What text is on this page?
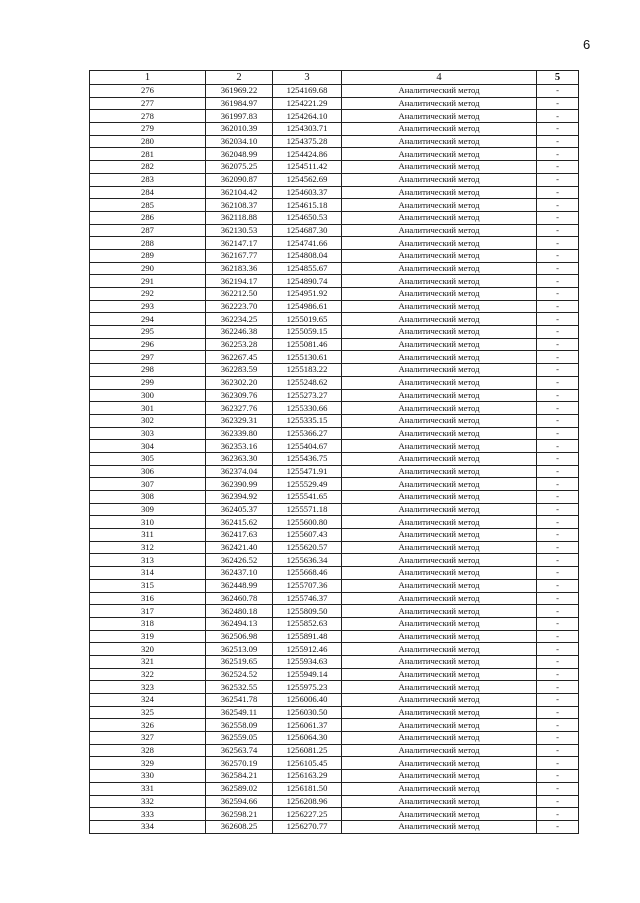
6
1	2	3	4	5
276	361969.22	1254169.68	Аналитический метод	-
277	361984.97	1254221.29	Аналитический метод	-
278	361997.83	1254264.10	Аналитический метод	-
279	362010.39	1254303.71	Аналитический метод	-
280	362034.10	1254375.28	Аналитический метод	-
281	362048.99	1254424.86	Аналитический метод	-
282	362075.25	1254511.42	Аналитический метод	-
283	362090.87	1254562.69	Аналитический метод	-
284	362104.42	1254603.37	Аналитический метод	-
285	362108.37	1254615.18	Аналитический метод	-
286	362118.88	1254650.53	Аналитический метод	-
287	362130.53	1254687.30	Аналитический метод	-
288	362147.17	1254741.66	Аналитический метод	-
289	362167.77	1254808.04	Аналитический метод	-
290	362183.36	1254855.67	Аналитический метод	-
291	362194.17	1254890.74	Аналитический метод	-
292	362212.50	1254951.92	Аналитический метод	-
293	362223.70	1254986.61	Аналитический метод	-
294	362234.25	1255019.65	Аналитический метод	-
295	362246.38	1255059.15	Аналитический метод	-
296	362253.28	1255081.46	Аналитический метод	-
297	362267.45	1255130.61	Аналитический метод	-
298	362283.59	1255183.22	Аналитический метод	-
299	362302.20	1255248.62	Аналитический метод	-
300	362309.76	1255273.27	Аналитический метод	-
301	362327.76	1255330.66	Аналитический метод	-
302	362329.31	1255335.15	Аналитический метод	-
303	362339.80	1255366.27	Аналитический метод	-
304	362353.16	1255404.67	Аналитический метод	-
305	362363.30	1255436.75	Аналитический метод	-
306	362374.04	1255471.91	Аналитический метод	-
307	362390.99	1255529.49	Аналитический метод	-
308	362394.92	1255541.65	Аналитический метод	-
309	362405.37	1255571.18	Аналитический метод	-
310	362415.62	1255600.80	Аналитический метод	-
311	362417.63	1255607.43	Аналитический метод	-
312	362421.40	1255620.57	Аналитический метод	-
313	362426.52	1255636.34	Аналитический метод	-
314	362437.10	1255668.46	Аналитический метод	-
315	362448.99	1255707.36	Аналитический метод	-
316	362460.78	1255746.37	Аналитический метод	-
317	362480.18	1255809.50	Аналитический метод	-
318	362494.13	1255852.63	Аналитический метод	-
319	362506.98	1255891.48	Аналитический метод	-
320	362513.09	1255912.46	Аналитический метод	-
321	362519.65	1255934.63	Аналитический метод	-
322	362524.52	1255949.14	Аналитический метод	-
323	362532.55	1255975.23	Аналитический метод	-
324	362541.78	1256006.40	Аналитический метод	-
325	362549.11	1256030.50	Аналитический метод	-
326	362558.09	1256061.37	Аналитический метод	-
327	362559.05	1256064.30	Аналитический метод	-
328	362563.74	1256081.25	Аналитический метод	-
329	362570.19	1256105.45	Аналитический метод	-
330	362584.21	1256163.29	Аналитический метод	-
331	362589.02	1256181.50	Аналитический метод	-
332	362594.66	1256208.96	Аналитический метод	-
333	362598.21	1256227.25	Аналитический метод	-
334	362608.25	1256270.77	Аналитический метод	-
